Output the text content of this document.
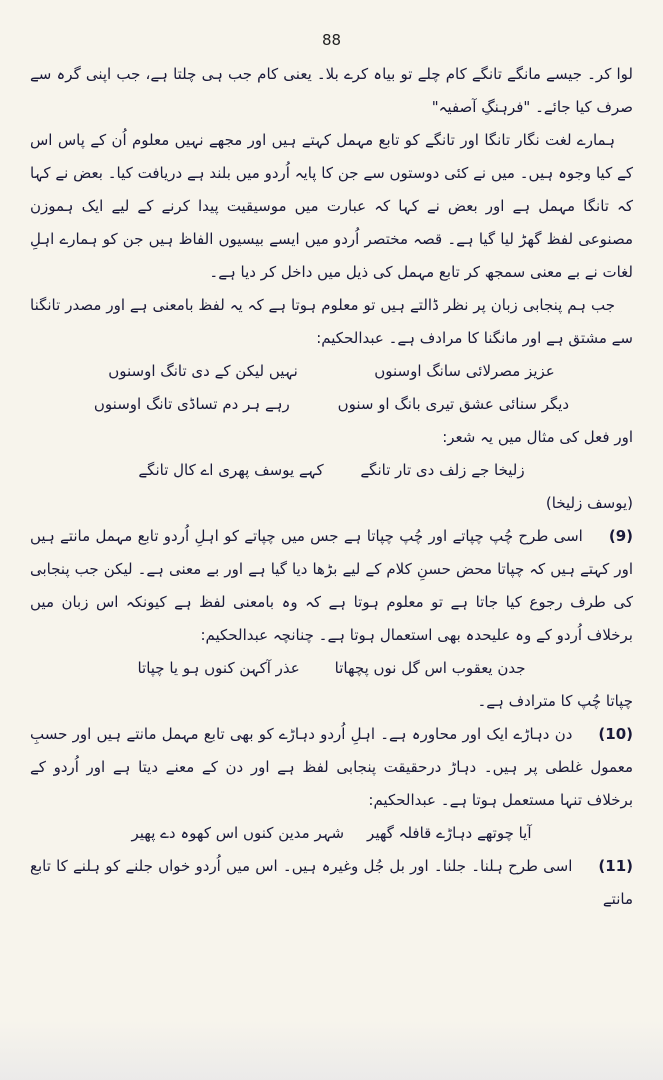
88

لوا کر۔ جیسے مانگے تانگے کام چلے تو بیاہ کرے بلا۔ یعنی کام جب ہی چلتا ہے، جب اپنی گرہ سے صرف کیا جائے۔ "فرہنگِ آصفیہ"

ہمارے لغت نگار تانگا اور تانگے کو تابع مہمل کہتے ہیں اور مجھے نہیں معلوم اُن کے پاس اس کے کیا وجوہ ہیں۔ میں نے کئی دوستوں سے جن کا پایہ اُردو میں بلند ہے دریافت کیا۔ بعض نے کہا کہ تانگا مہمل ہے اور بعض نے کہا کہ عبارت میں موسیقیت پیدا کرنے کے لیے ایک ہموزن مصنوعی لفظ گھڑ لیا گیا ہے۔ قصہ مختصر اُردو میں ایسے بیسیوں الفاظ ہیں جن کو ہمارے اہلِ لغات نے بے معنی سمجھ کر تابع مہمل کی ذیل میں داخل کر دیا ہے۔

جب ہم پنجابی زبان پر نظر ڈالتے ہیں تو معلوم ہوتا ہے کہ یہ لفظ بامعنی ہے اور مصدر تانگنا سے مشتق ہے اور مانگنا کا مرادف ہے۔ عبدالحکیم:

عزیز مصرلائی سانگ اوسنوں
نہیں لیکن کے دی تانگ اوسنوں
دیگر سنائی عشق تیری بانگ او سنوں
رہے ہر دم تساڈی تانگ اوسنوں

اور فعل کی مثال میں یہ شعر:

زلیخا جے زلف دی تار تانگے
کہے یوسف پھری اے کال تانگے
(یوسف زلیخا)

(9)اسی طرح چُپ چپاتے اور چُپ چپاتا ہے جس میں چپاتے کو اہلِ اُردو تابع مہمل مانتے ہیں اور کہتے ہیں کہ چپاتا محض حسنِ کلام کے لیے بڑھا دیا گیا ہے اور بے معنی ہے۔ لیکن جب پنجابی کی طرف رجوع کیا جاتا ہے تو معلوم ہوتا ہے کہ وہ بامعنی لفظ ہے کیونکہ اس زبان میں برخلاف اُردو کے وہ علیحدہ بھی استعمال ہوتا ہے۔ چنانچہ عبدالحکیم:

جدن یعقوب اس گل نوں پچھاتا
عذر آکہن کنوں ہو یا چپاتا

چپاتا چُپ کا مترادف ہے۔

(10)دن دہاڑے ایک اور محاورہ ہے۔ اہلِ اُردو دہاڑے کو بھی تابع مہمل مانتے ہیں اور حسبِ معمول غلطی پر ہیں۔ دہاڑ درحقیقت پنجابی لفظ ہے اور دن کے معنے دیتا ہے اور اُردو کے برخلاف تنہا مستعمل ہوتا ہے۔ عبدالحکیم:

آیا چوتھے دہاڑے قافلہ گھیر
شہر مدین کنوں اس کھوہ دے پھیر

(11)اسی طرح ہلنا۔ جلنا۔ اور بل جُل وغیرہ ہیں۔ اس میں اُردو خواں جلنے کو ہلنے کا تابع مانتے
